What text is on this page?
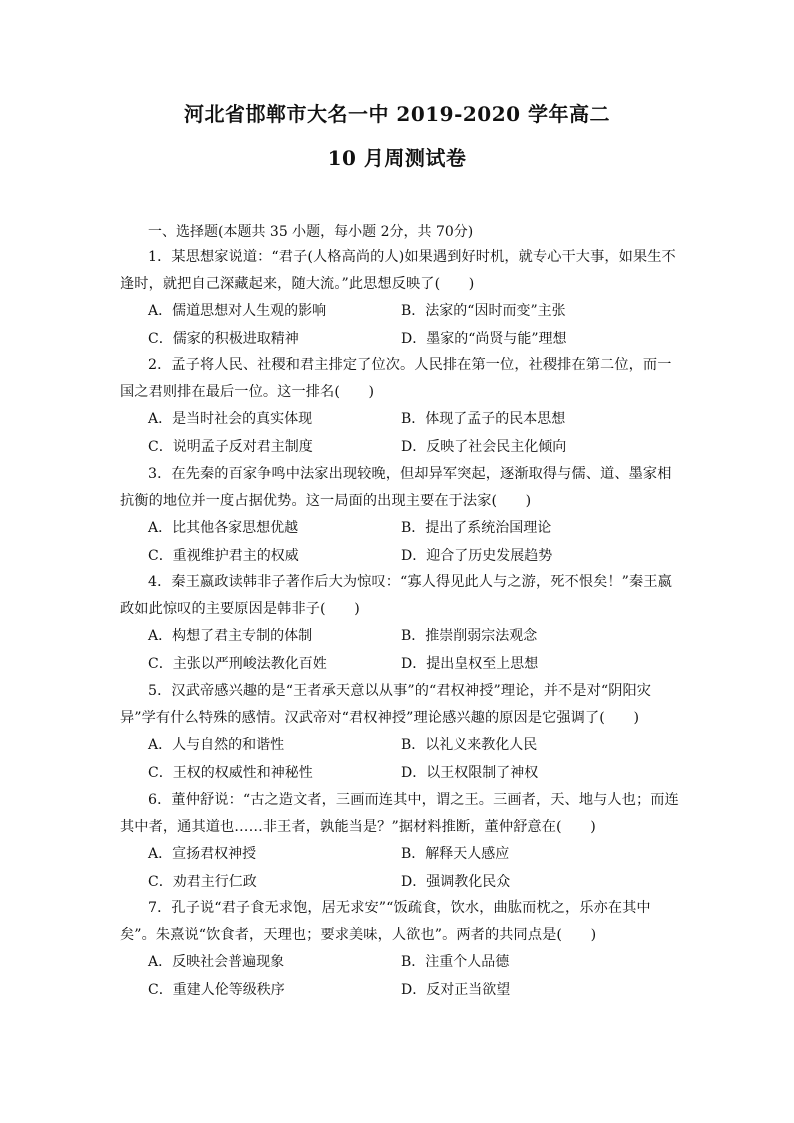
河北省邯郸市大名一中 2019-2020 学年高二
10 月周测试卷
一、选择题(本题共 35 小题，每小题 2分，共 70分)
1．某思想家说道：“君子(人格高尚的人)如果遇到好时机，就专心干大事，如果生不逢时，就把自己深藏起来，随大流。”此思想反映了(　　)
A．儒道思想对人生观的影响	B．法家的“因时而变”主张
C．儒家的积极进取精神	D．墨家的“尚贤与能”理想
2．孟子将人民、社稷和君主排定了位次。人民排在第一位，社稷排在第二位，而一国之君则排在最后一位。这一排名(　　)
A．是当时社会的真实体现	B．体现了孟子的民本思想
C．说明孟子反对君主制度	D．反映了社会民主化倾向
3．在先秦的百家争鸣中法家出现较晚，但却异军突起，逐渐取得与儒、道、墨家相抗衡的地位并一度占据优势。这一局面的出现主要在于法家(　　)
A．比其他各家思想优越	B．提出了系统治国理论
C．重视维护君主的权威	D．迎合了历史发展趋势
4．秦王嬴政读韩非子著作后大为惊叹：“寡人得见此人与之游，死不恨矣！”秦王嬴政如此惊叹的主要原因是韩非子(　　)
A．构想了君主专制的体制	B．推崇削弱宗法观念
C．主张以严刑峻法教化百姓	D．提出皇权至上思想
5．汉武帝感兴趣的是“王者承天意以从事”的“君权神授”理论，并不是对“阴阳灾异”学有什么特殊的感情。汉武帝对“君权神授”理论感兴趣的原因是它强调了(　　)
A．人与自然的和谐性	B．以礼义来教化人民
C．王权的权威性和神秘性	D．以王权限制了神权
6．董仲舒说：“古之造文者，三画而连其中，谓之王。三画者，天、地与人也；而连其中者，通其道也……非王者，孰能当是？”据材料推断，董仲舒意在(　　)
A．宣扬君权神授	B．解释天人感应
C．劝君主行仁政	D．强调教化民众
7．孔子说“君子食无求饱，居无求安”“饭疏食，饮水，曲肱而枕之，乐亦在其中矣”。朱熹说“饮食者，天理也；要求美味，人欲也”。两者的共同点是(　　)
A．反映社会普遍现象	B．注重个人品德
C．重建人伦等级秩序	D．反对正当欲望
